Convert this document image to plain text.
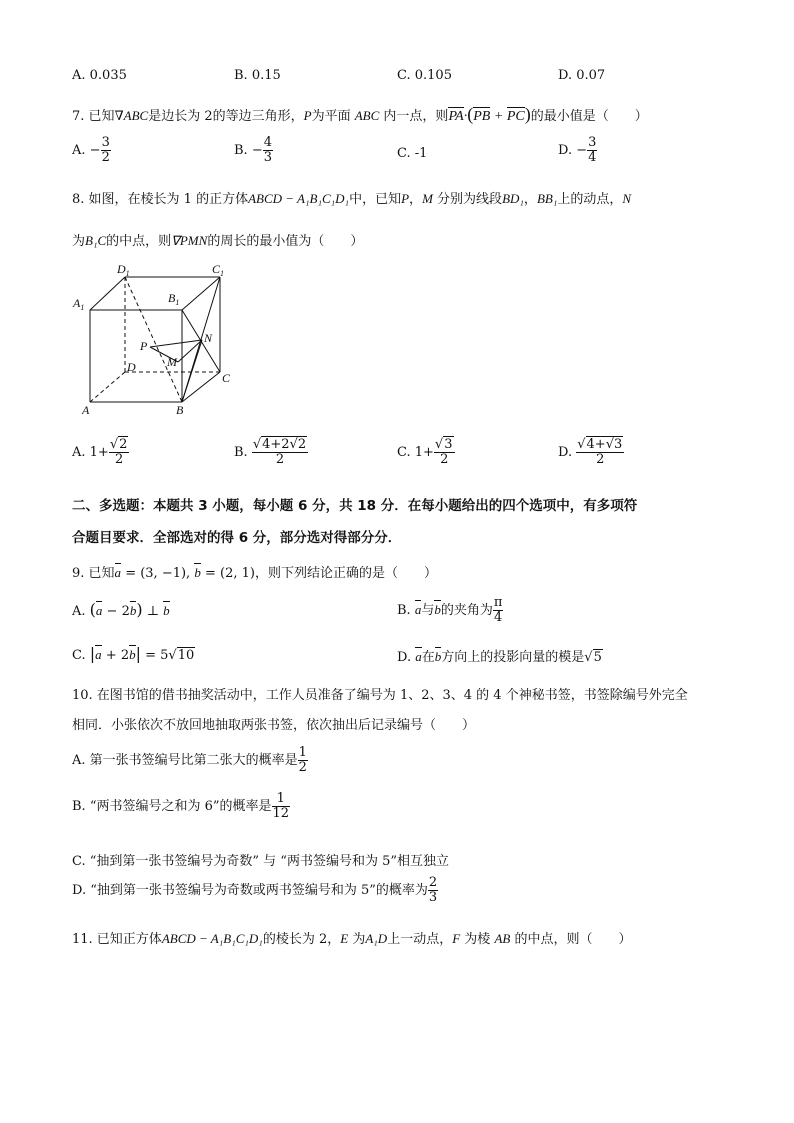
A. 0.035	B. 0.15	C. 0.105	D. 0.07
7. 已知∇ABC是边长为 2的等边三角形，P为平面 ABC 内一点，则PA·(PB + PC)的最小值是（　　）
A. − $\frac{3}{2}$	B. − $\frac{4}{3}$	C. -1	D. − $\frac{3}{4}$
8. 如图，在棱长为 1 的正方体ABCD − A₁B₁C₁D₁中，已知P，M 分别为线段BD₁，BB₁上的动点，N
为B₁C的中点，则∇PMN的周长的最小值为（　　）
$D_1$	$C_1$
$A_1$
$B_1$
P
M
N
D
C
A	B
A. $1+ \frac{√2}{2}$	B. $\frac{√4+2√2}{2}$	C. $1+ \frac{√3}{2}$	D. $\frac{√4+√3}{2}$
二、多选题：本题共 3 小题，每小题 6 分，共 18 分．在每小题给出的四个选项中，有多项符
合题目要求．全部选对的得 6 分，部分选对得部分分．
9. 已知a = (3, −1), b = (2, 1)，则下列结论正确的是（　　）
A. (a − 2b) ⊥ b	B. a与b的夹角为 $\frac{\pi}{4}$
C. |a + 2b| = 5√10	D. a在b方向上的投影向量的模是√5
10. 在图书馆的借书抽奖活动中，工作人员准备了编号为 1、2、3、4 的 4 个神秘书签，书签除编号外完全
相同．小张依次不放回地抽取两张书签，依次抽出后记录编号（　　）
A. 第一张书签编号比第二张大的概率是 $\frac{1}{2}$
B. “两书签编号之和为 6”的概率是 $\frac{1}{12}$
C. “抽到第一张书签编号为奇数” 与 “两书签编号和为 5”相互独立
D. “抽到第一张书签编号为奇数或两书签编号和为 5”的概率为 $\frac{2}{3}$
11. 已知正方体ABCD − A₁B₁C₁D₁的棱长为 2，E 为A₁D上一动点，F 为棱 AB 的中点，则（　　）
